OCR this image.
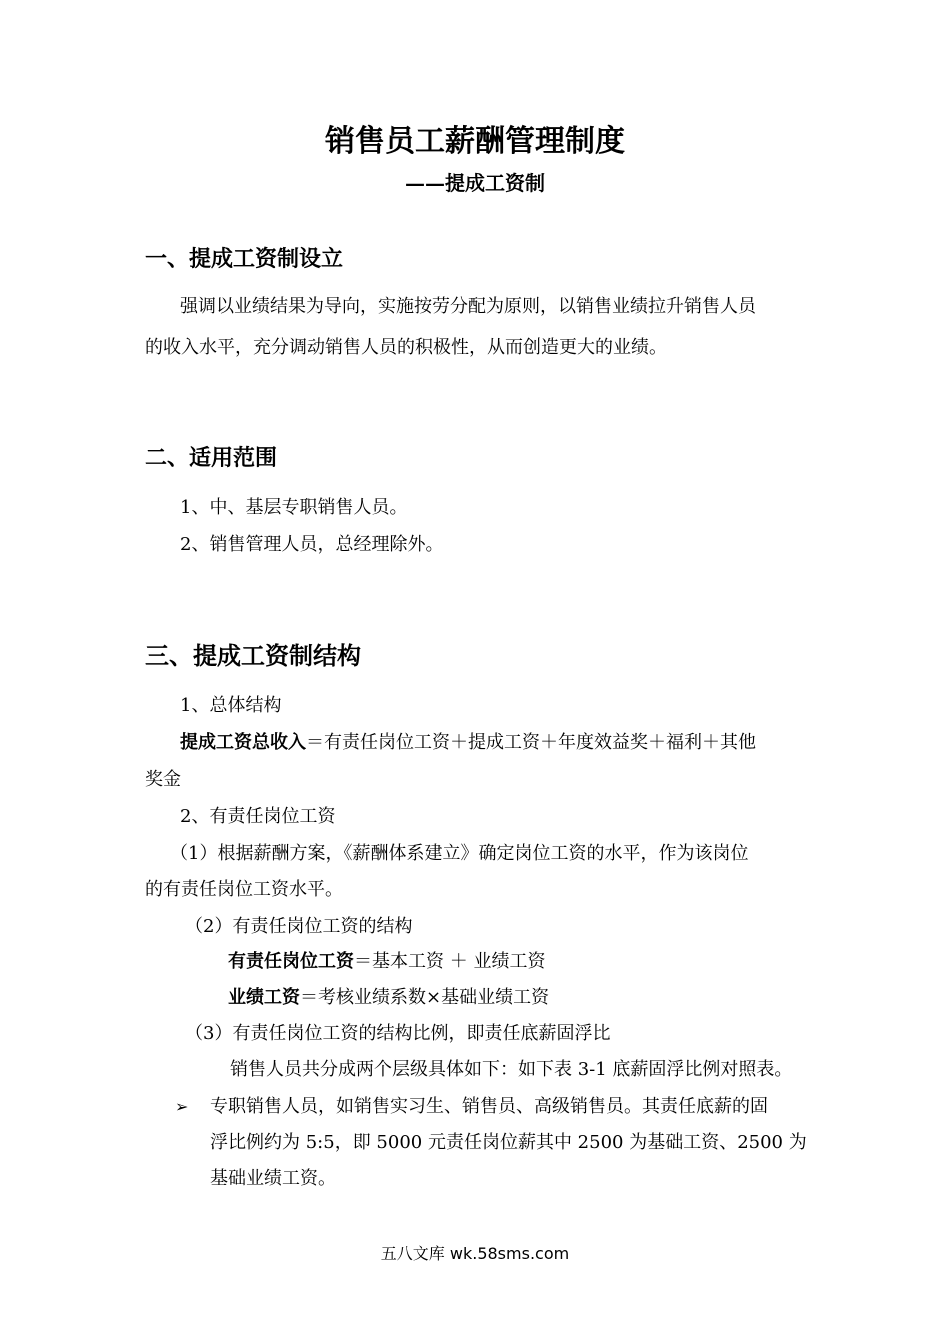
销售员工薪酬管理制度
——提成工资制
一、提成工资制设立
强调以业绩结果为导向，实施按劳分配为原则，以销售业绩拉升销售人员
的收入水平，充分调动销售人员的积极性，从而创造更大的业绩。
二、适用范围
1、中、基层专职销售人员。
2、销售管理人员，总经理除外。
三、提成工资制结构
1、总体结构
提成工资总收入＝有责任岗位工资＋提成工资＋年度效益奖＋福利＋其他
奖金
2、有责任岗位工资
（1）根据薪酬方案，《薪酬体系建立》确定岗位工资的水平，作为该岗位
的有责任岗位工资水平。
（2）有责任岗位工资的结构
有责任岗位工资＝基本工资 ＋ 业绩工资
业绩工资＝考核业绩系数×基础业绩工资
（3）有责任岗位工资的结构比例，即责任底薪固浮比
销售人员共分成两个层级具体如下：如下表 3-1 底薪固浮比例对照表。
➢ 专职销售人员，如销售实习生、销售员、高级销售员。其责任底薪的固
浮比例约为 5:5，即 5000 元责任岗位薪其中 2500 为基础工资、2500 为
基础业绩工资。
五八文库 wk.58sms.com
